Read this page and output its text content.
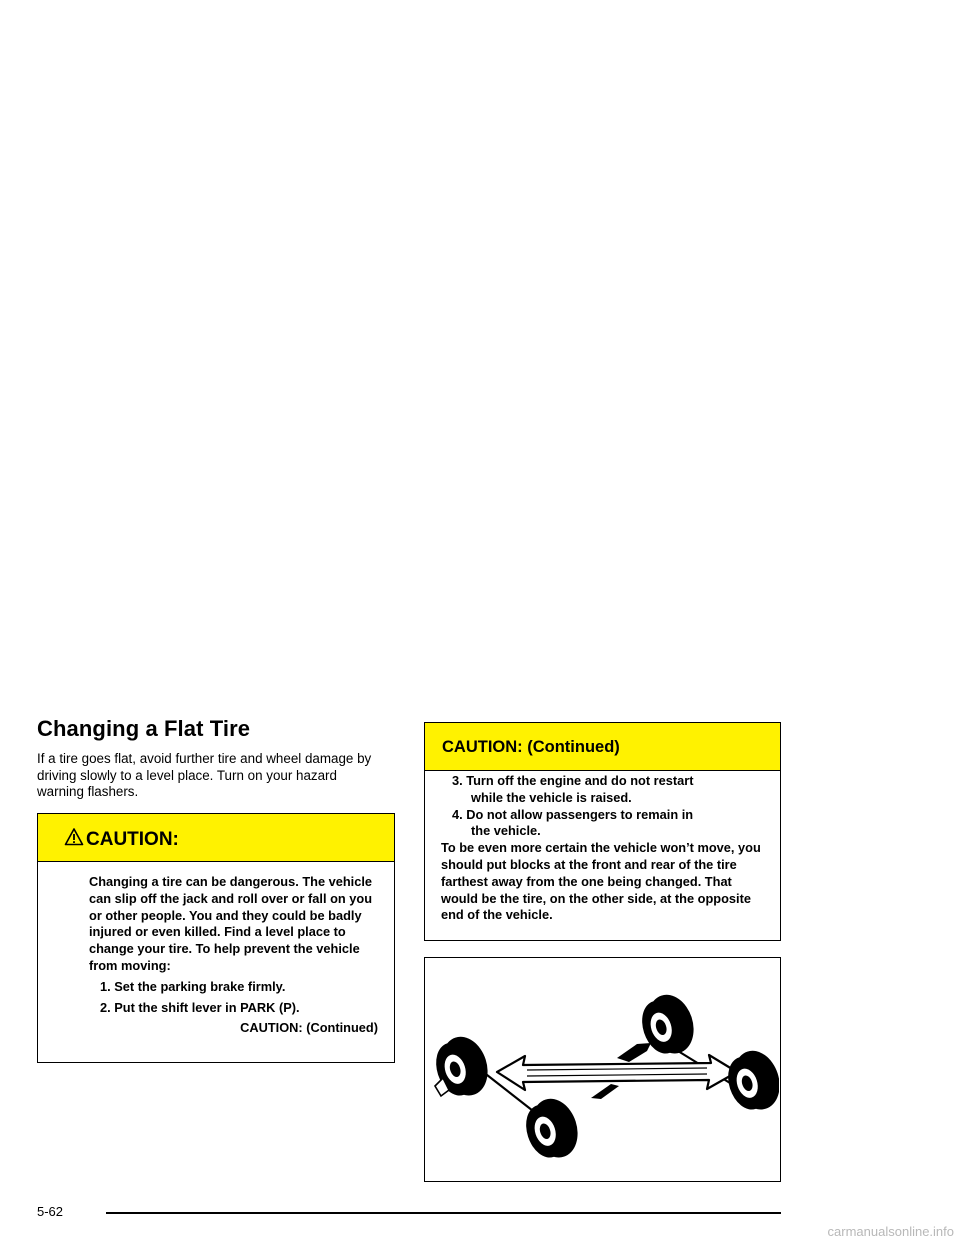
Changing a Flat Tire

If a tire goes flat, avoid further tire and wheel damage by driving slowly to a level place. Turn on your hazard warning flashers.

CAUTION:

Changing a tire can be dangerous. The vehicle can slip off the jack and roll over or fall on you or other people. You and they could be badly injured or even killed. Find a level place to change your tire. To help prevent the vehicle from moving:

1. Set the parking brake firmly.

2. Put the shift lever in PARK (P).

CAUTION: (Continued)

CAUTION: (Continued)

3. Turn off the engine and do not restart

while the vehicle is raised.

4. Do not allow passengers to remain in

the vehicle.

To be even more certain the vehicle won’t move, you should put blocks at the front and rear of the tire farthest away from the one being changed. That would be the tire, on the other side, at the opposite end of the vehicle.

5-62
carmanualsonline.info
